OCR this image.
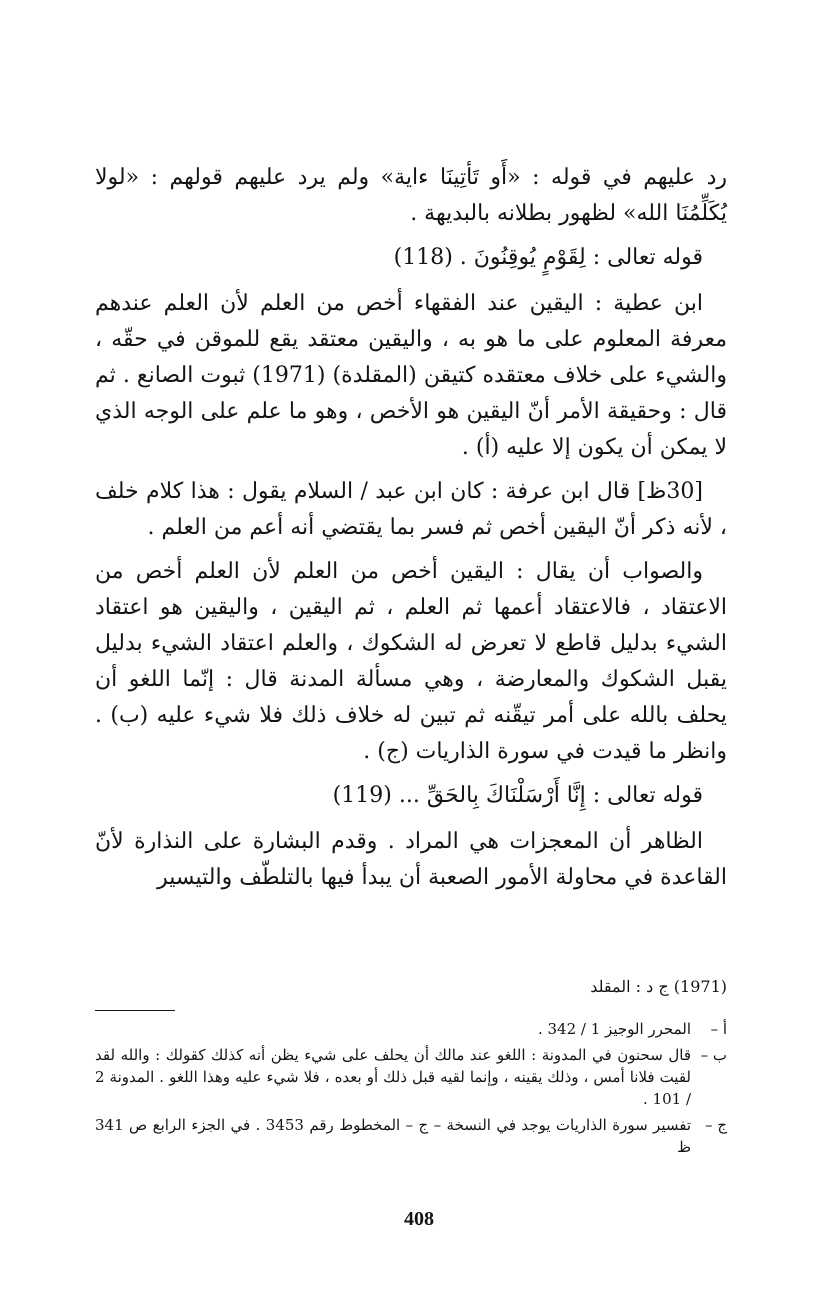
رد عليهم في قوله : «أَو تَأتِينَا ءاية» ولم يرد عليهم قولهم : «لولا يُكَلِّمُنَا الله» لظهور بطلانه بالبديهة .

قوله تعالى : لِقَوْمٍ يُوقِنُونَ . (118)

ابن عطية : اليقين عند الفقهاء أخص من العلم لأن العلم عندهم معرفة المعلوم على ما هو به ، واليقين معتقد يقع للموقن في حقّه ، والشيء على خلاف معتقده كتيقن (المقلدة) (1971) ثبوت الصانع . ثم قال : وحقيقة الأمر أنّ اليقين هو الأخص ، وهو ما علم على الوجه الذي لا يمكن أن يكون إلا عليه (أ) .

[30ظ] قال ابن عرفة : كان ابن عبد / السلام يقول : هذا كلام خلف ، لأنه ذكر أنّ اليقين أخص ثم فسر بما يقتضي أنه أعم من العلم .

والصواب أن يقال : اليقين أخص من العلم لأن العلم أخص من الاعتقاد ، فالاعتقاد أعمها ثم العلم ، ثم اليقين ، واليقين هو اعتقاد الشيء بدليل قاطع لا تعرض له الشكوك ، والعلم اعتقاد الشيء بدليل يقبل الشكوك والمعارضة ، وهي مسألة المدنة قال : إنّما اللغو أن يحلف بالله على أمر تيقّنه ثم تبين له خلاف ذلك فلا شيء عليه (ب) . وانظر ما قيدت في سورة الذاريات (ج) .

قوله تعالى : إِنَّا أَرْسَلْنَاكَ بِالحَقِّ ... (119)

الظاهر أن المعجزات هي المراد . وقدم البشارة على النذارة لأنّ القاعدة في محاولة الأمور الصعبة أن يبدأ فيها بالتلطّف والتيسير

(1971) ج د : المقلد
أ –
المحرر الوجيز 1 / 342 .
ب –
قال سحنون في المدونة : اللغو عند مالك أن يحلف على شيء يظن أنه كذلك كقولك : والله لقد لقيت فلانا أمس ، وذلك يقينه ، وإنما لقيه قبل ذلك أو بعده ، فلا شيء عليه وهذا اللغو . المدونة 2 / 101 .
ج –
تفسير سورة الذاريات يوجد في النسخة – ج – المخطوط رقم 3453 . في الجزء الرابع ص 341 ظ
408
